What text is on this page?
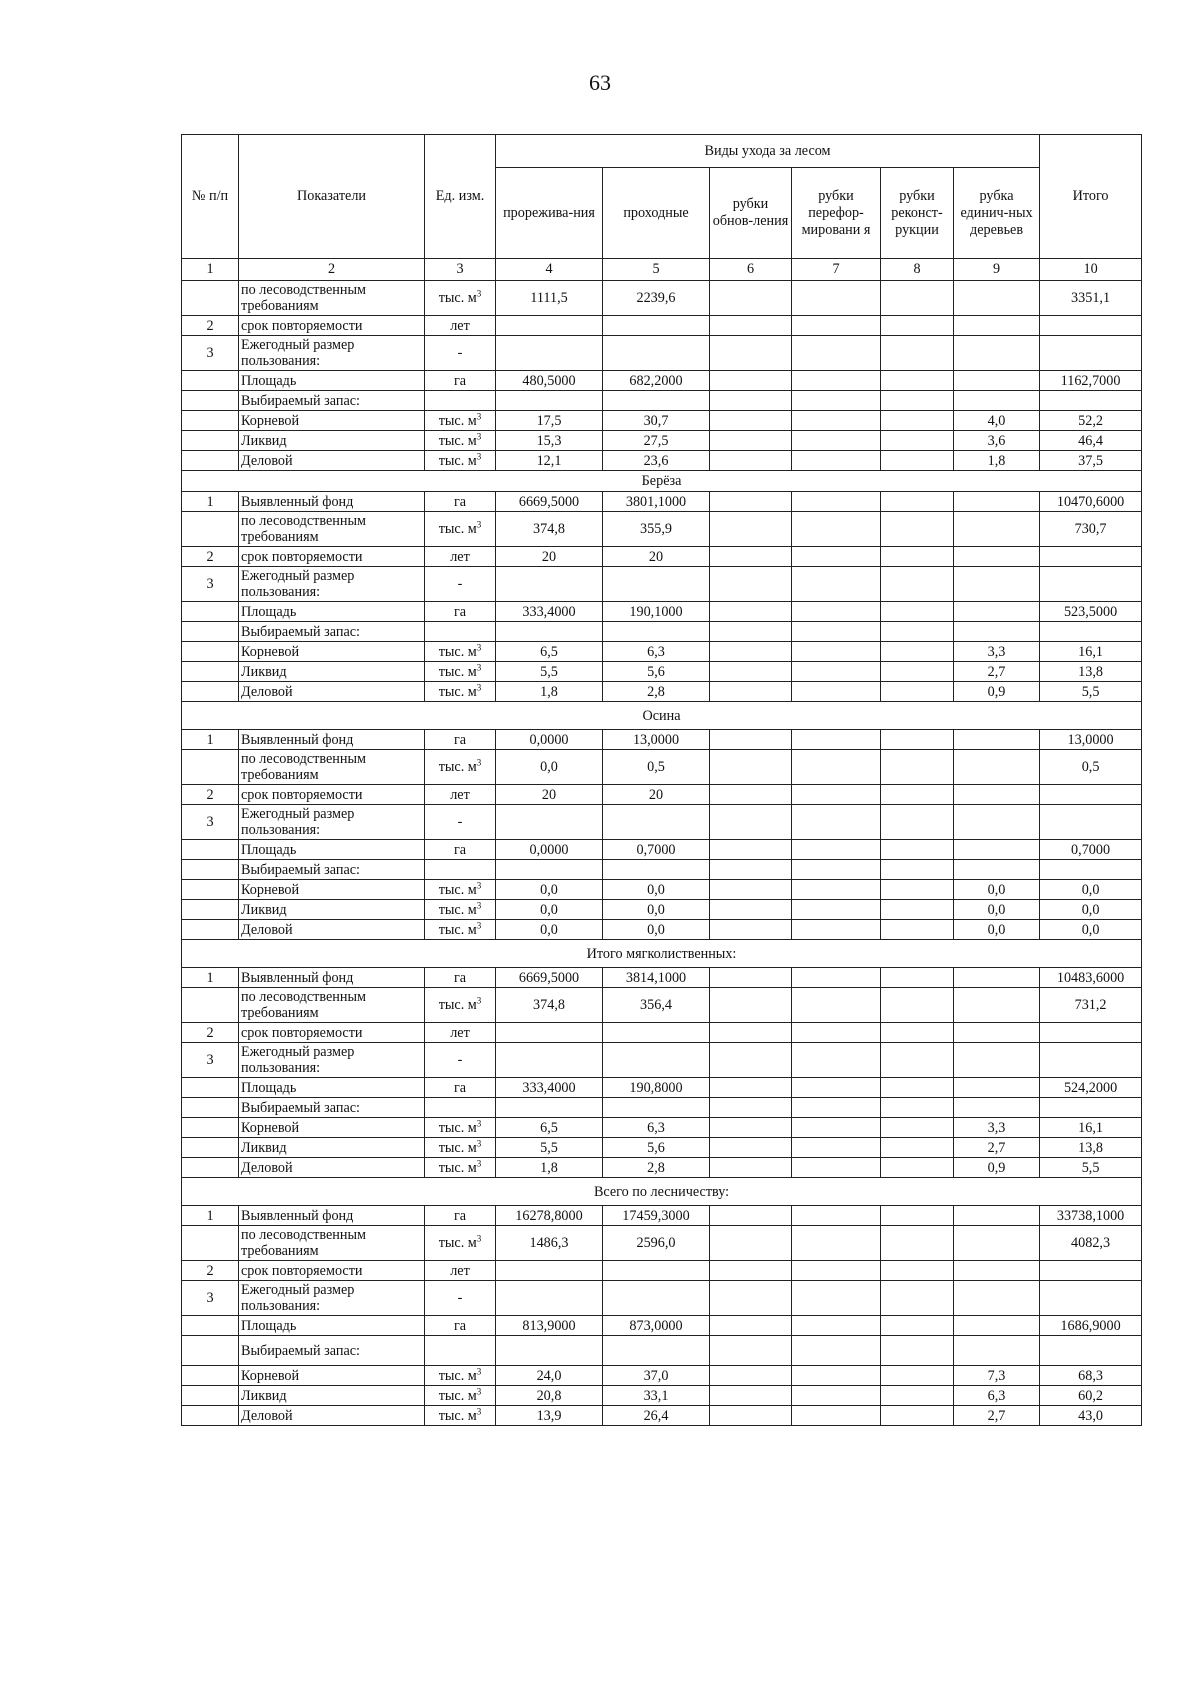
63
№ п/п	Показатели	Ед. изм.	Виды ухода за лесом						Итого
			прорежива-ния	проходные	рубки обнов-ления	рубки перефор-мировани я	рубки реконст-рукции	рубка единич-ных деревьев	
1	2	3	4	5	6	7	8	9	10
	по лесоводственным требованиям	тыс. $м^3$	1111,5	2239,6					3351,1
2	срок повторяемости	лет							
3	Ежегодный размер пользования:	-							
	Площадь	га	480,5000	682,2000					1162,7000
	Выбираемый запас:								
	Корневой	тыс. $м^3$	17,5	30,7				4,0	52,2
	Ликвид	тыс. $м^3$	15,3	27,5				3,6	46,4
	Деловой	тыс. $м^3$	12,1	23,6				1,8	37,5
Берёза									
1	Выявленный фонд	га	6669,5000	3801,1000					10470,6000
	по лесоводственным требованиям	тыс. $м^3$	374,8	355,9					730,7
2	срок повторяемости	лет	20	20					
3	Ежегодный размер пользования:	-							
	Площадь	га	333,4000	190,1000					523,5000
	Выбираемый запас:								
	Корневой	тыс. $м^3$	6,5	6,3				3,3	16,1
	Ликвид	тыс. $м^3$	5,5	5,6				2,7	13,8
	Деловой	тыс. $м^3$	1,8	2,8				0,9	5,5
Осина									
1	Выявленный фонд	га	0,0000	13,0000					13,0000
	по лесоводственным требованиям	тыс. $м^3$	0,0	0,5					0,5
2	срок повторяемости	лет	20	20					
3	Ежегодный размер пользования:	-							
	Площадь	га	0,0000	0,7000					0,7000
	Выбираемый запас:								
	Корневой	тыс. $м^3$	0,0	0,0				0,0	0,0
	Ликвид	тыс. $м^3$	0,0	0,0				0,0	0,0
	Деловой	тыс. $м^3$	0,0	0,0				0,0	0,0
Итого мягколиственных:									
1	Выявленный фонд	га	6669,5000	3814,1000					10483,6000
	по лесоводственным требованиям	тыс. $м^3$	374,8	356,4					731,2
2	срок повторяемости	лет							
3	Ежегодный размер пользования:	-							
	Площадь	га	333,4000	190,8000					524,2000
	Выбираемый запас:								
	Корневой	тыс. $м^3$	6,5	6,3				3,3	16,1
	Ликвид	тыс. $м^3$	5,5	5,6				2,7	13,8
	Деловой	тыс. $м^3$	1,8	2,8				0,9	5,5
Всего по лесничеству:									
1	Выявленный фонд	га	16278,8000	17459,3000					33738,1000
	по лесоводственным требованиям	тыс. $м^3$	1486,3	2596,0					4082,3
2	срок повторяемости	лет							
3	Ежегодный размер пользования:	-							
	Площадь	га	813,9000	873,0000					1686,9000
	Выбираемый запас:								
	Корневой	тыс. $м^3$	24,0	37,0				7,3	68,3
	Ликвид	тыс. $м^3$	20,8	33,1				6,3	60,2
	Деловой	тыс. $м^3$	13,9	26,4				2,7	43,0
